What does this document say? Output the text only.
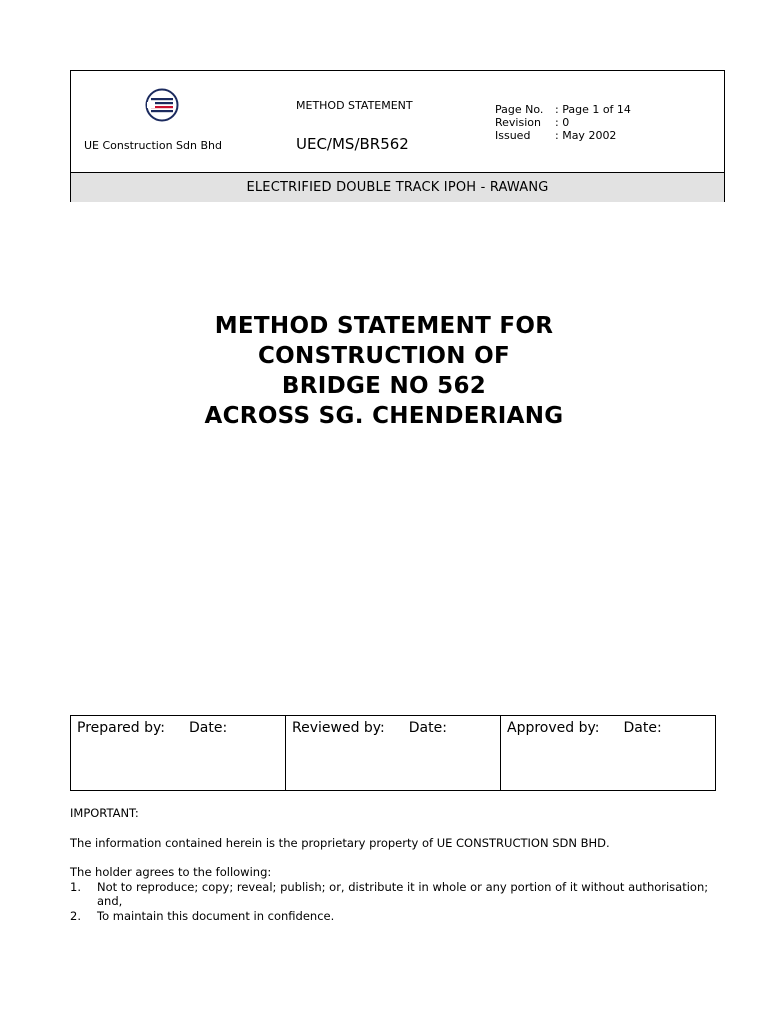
UE Construction Sdn Bhd
METHOD STATEMENT
UEC/MS/BR562
Page No.	: Page 1 of 14
Revision	: 0
Issued	: May 2002
ELECTRIFIED DOUBLE TRACK IPOH - RAWANG
METHOD STATEMENT FOR
CONSTRUCTION OF
BRIDGE NO 562
ACROSS SG. CHENDERIANG
Prepared by: Date:	Reviewed by: Date:	Approved by: Date:

IMPORTANT:

The information contained herein is the proprietary property of UE CONSTRUCTION SDN BHD.

The holder agrees to the following:

1.	Not to reproduce; copy; reveal; publish; or, distribute it in whole or any portion of it without authorisation; and,
2.	To maintain this document in confidence.
